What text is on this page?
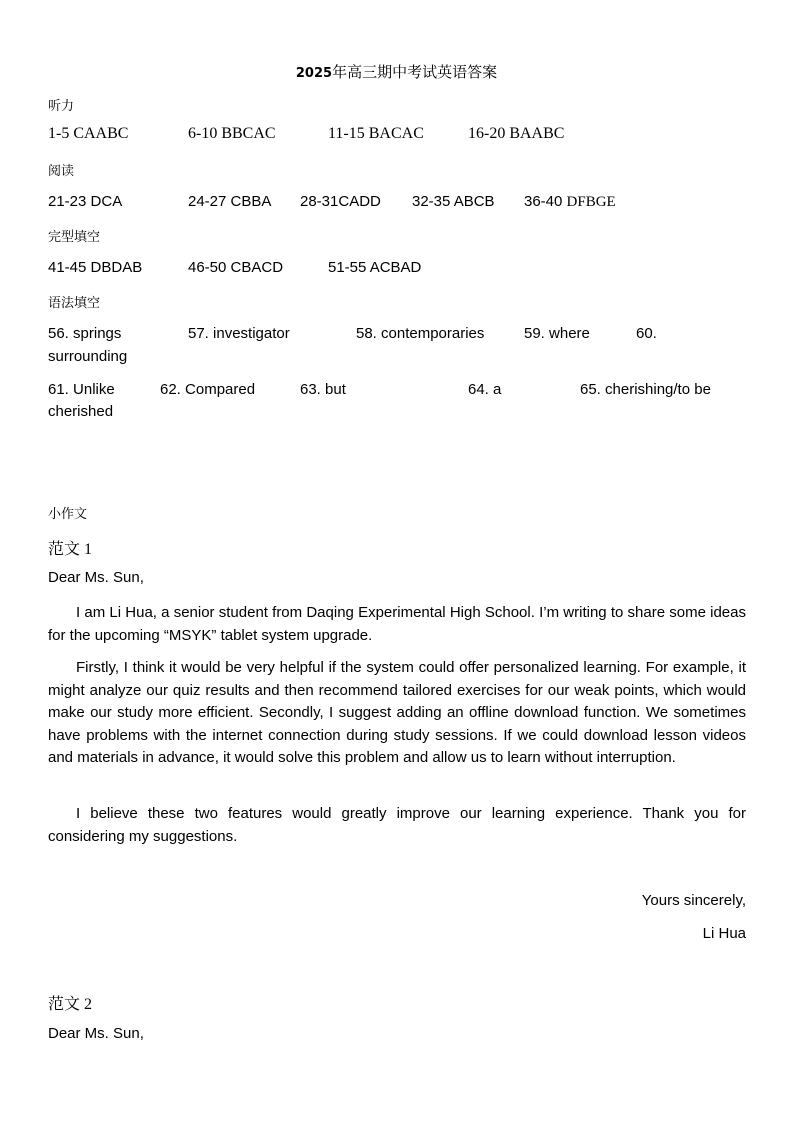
2025年高三期中考试英语答案
听力
1-5 CAABC	6-10 BBCAC	11-15 BACAC	16-20 BAABC
阅读
21-23 DCA	24-27 CBBA 28-31CADD 32-35 ABCB 36-40 DFBGE
完型填空
41-45 DBDAB	46-50 CBACD	51-55 ACBAD
语法填空
56. springs	57. investigator	58. contemporaries	59. where	60.
surrounding
61. Unlike	62. Compared	63. but	64. a	65. cherishing/to be
cherished
小作文
范文 1
Dear Ms. Sun,

I am Li Hua, a senior student from Daqing Experimental High School. I’m writing to share some ideas for the upcoming “MSYK” tablet system upgrade.

Firstly, I think it would be very helpful if the system could offer personalized learning. For example, it might analyze our quiz results and then recommend tailored exercises for our weak points, which would make our study more efficient. Secondly, I suggest adding an offline download function. We sometimes have problems with the internet connection during study sessions. If we could download lesson videos and materials in advance, it would solve this problem and allow us to learn without interruption.

I believe these two features would greatly improve our learning experience. Thank you for considering my suggestions.

Yours sincerely,
Li Hua
范文 2
Dear Ms. Sun,
